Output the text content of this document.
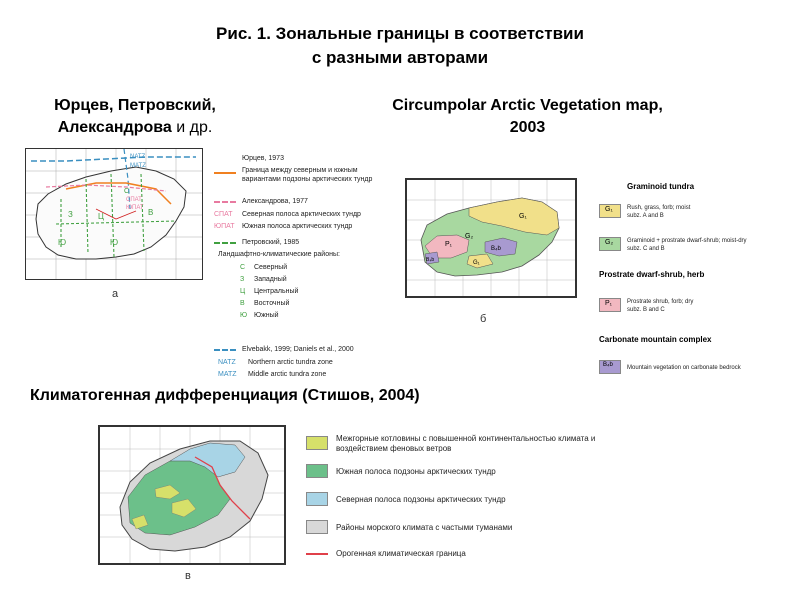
Рис. 1. Зональные границы в соответствии
с разными авторами
Юрцев, Петровский,
Александрова и др.
Circumpolar Arctic Vegetation map,
2003
NATZ
MATZ
С
СПАТ
ЮПАТ
З	Ц	В
Ю	Ю
а
Юрцев, 1973
Граница между северным и южным вариантами подзоны арктических тундр
Александрова, 1977
СПАТ Северная полоса арктических тундр
ЮПАТ Южная полоса арктических тундр
Петровский, 1985
Ландшафтно-климатические районы:
С Северный
З Западный
Ц Центральный
В Восточный
Ю Южный
Elvebakk, 1999; Daniels et al., 2000
NATZ Northern arctic tundra zone
MATZ Middle arctic tundra zone
G₁
G₂
P₁
B₄b
B₄b	G₁
б
Graminoid tundra
G₁ Rush, grass, forb; moist
subz. A and B
G₂ Graminoid + prostrate dwarf-shrub; moist-dry
subz. C and B
Prostrate dwarf-shrub, herb
P₁ Prostrate shrub, forb; dry
subz. B and C
Carbonate mountain complex
B₄b Mountain vegetation on carbonate bedrock
Климатогенная дифференциация (Стишов, 2004)
в
Межгорные котловины с повышенной континентальностью климата и воздействием феновых ветров
Южная полоса подзоны арктических тундр
Северная полоса подзоны арктических тундр
Районы морского климата с частыми туманами
Орогенная климатическая граница
